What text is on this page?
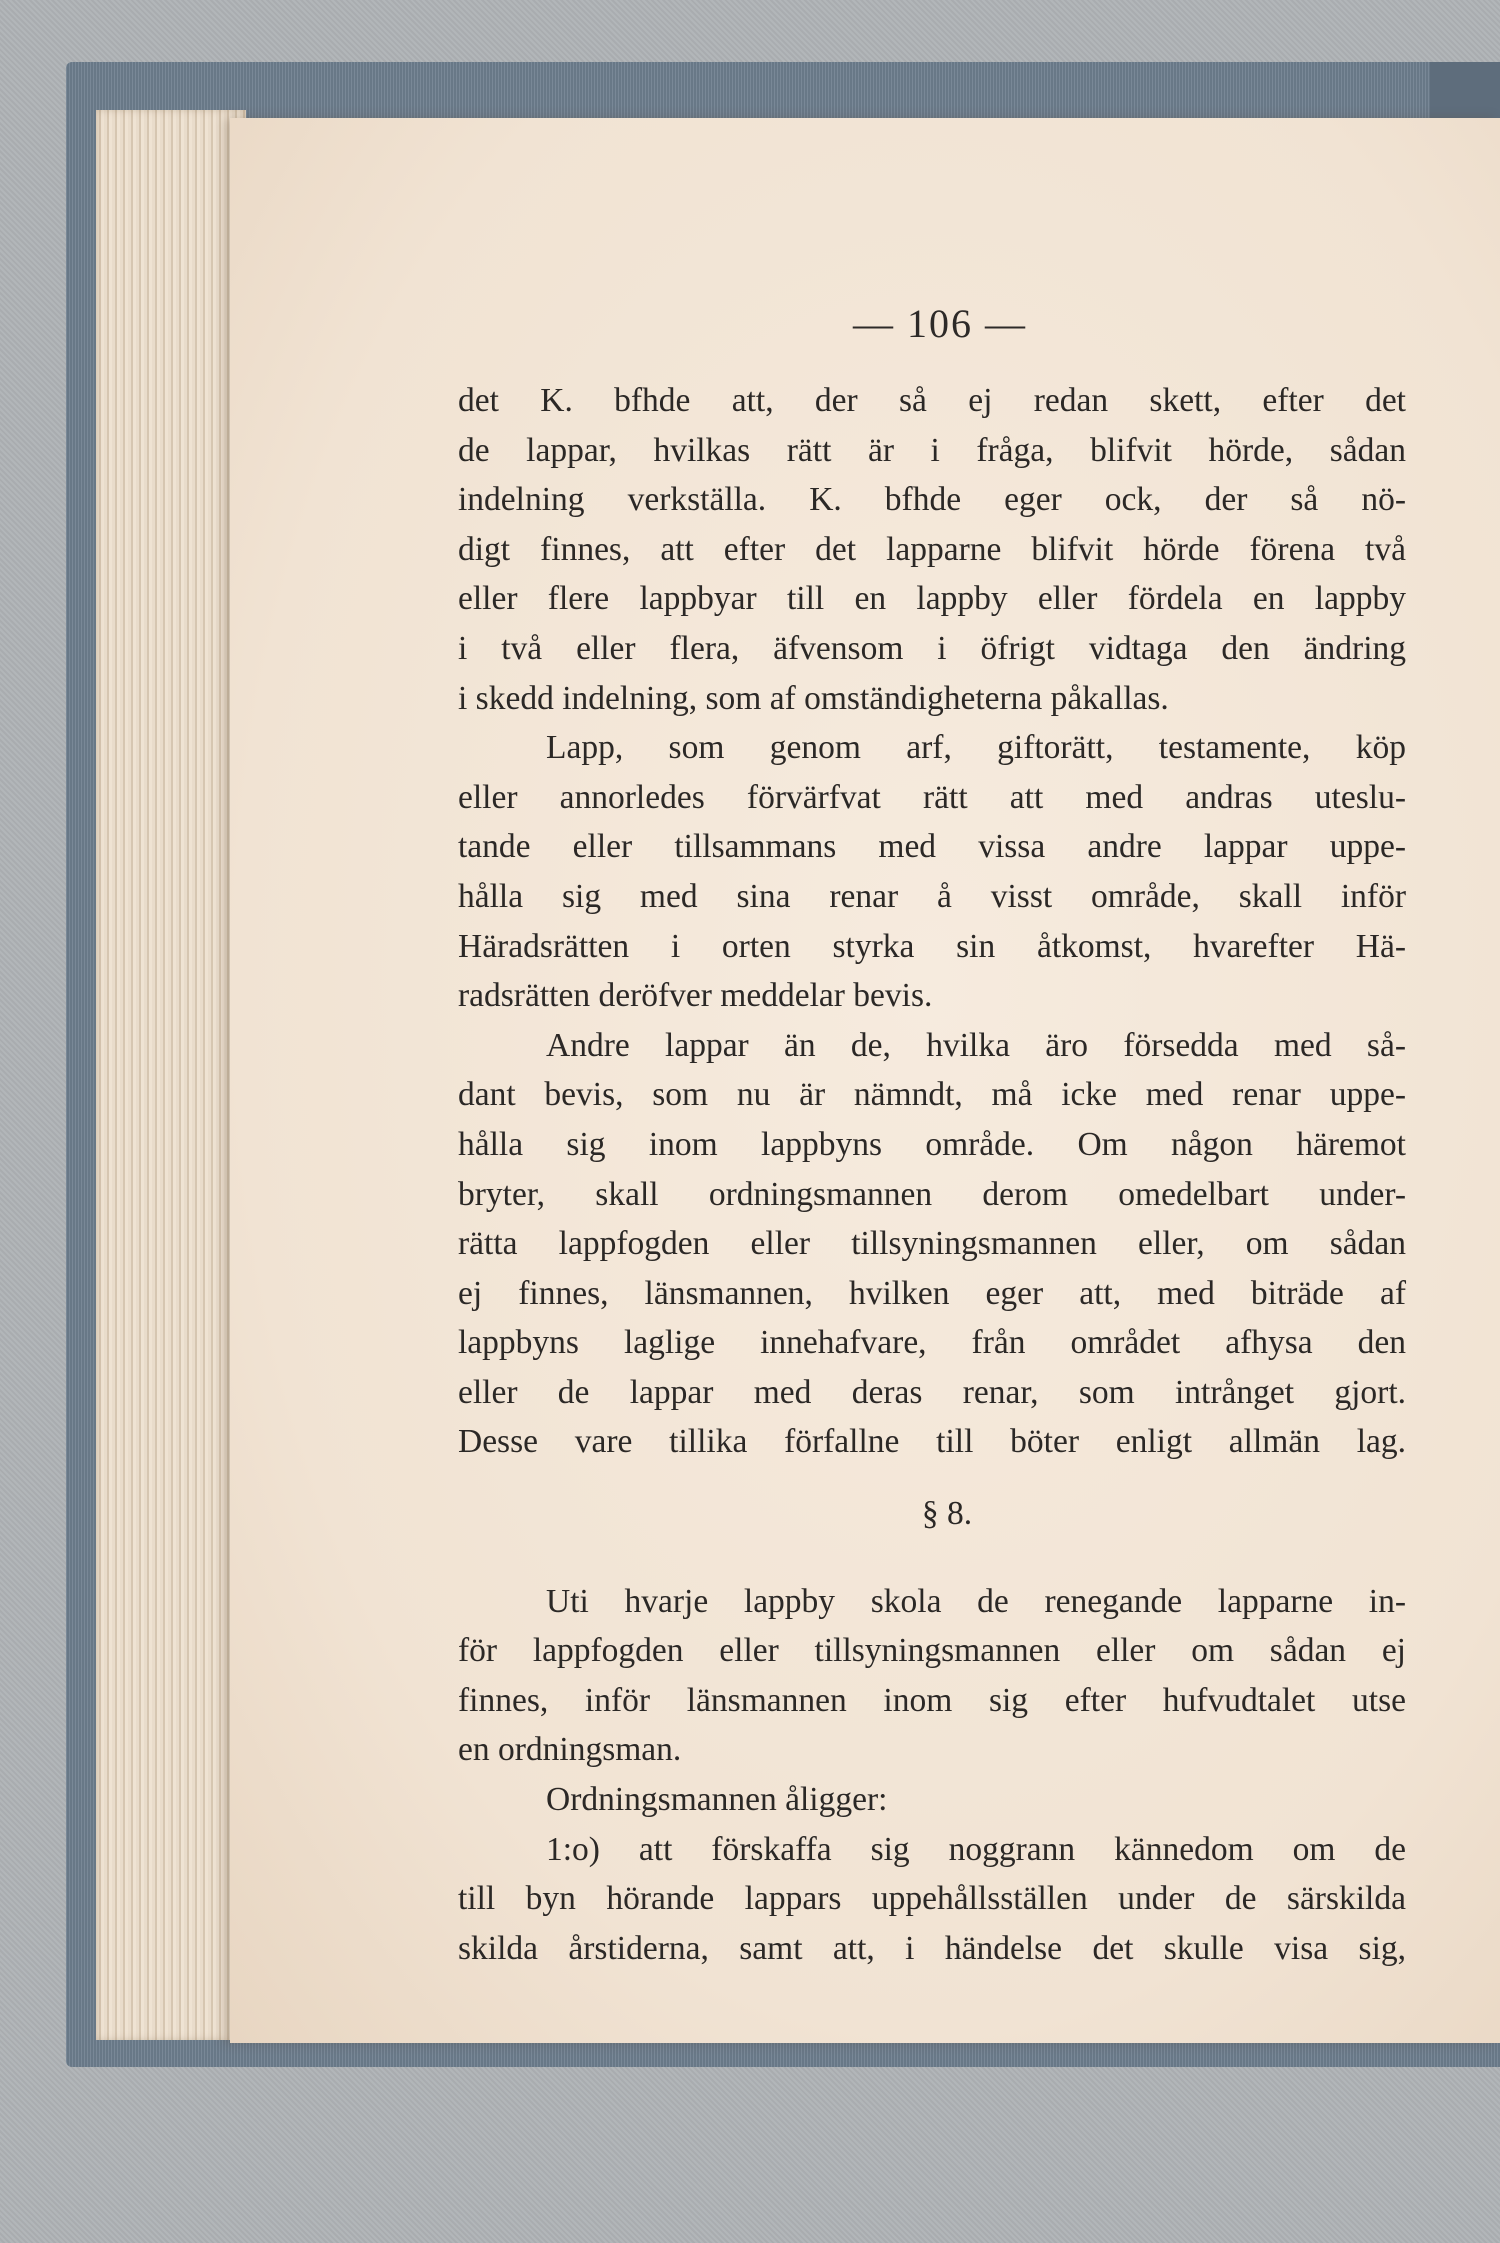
— 106 —
det K. bfhde att, der så ej redan skett, efter det
de lappar, hvilkas rätt är i fråga, blifvit hörde, sådan
indelning verkställa. K. bfhde eger ock, der så nö-
digt finnes, att efter det lapparne blifvit hörde förena två
eller flere lappbyar till en lappby eller fördela en lappby
i två eller flera, äfvensom i öfrigt vidtaga den ändring
i skedd indelning, som af omständigheterna påkallas.
Lapp, som genom arf, giftorätt, testamente, köp
eller annorledes förvärfvat rätt att med andras uteslu-
tande eller tillsammans med vissa andre lappar uppe-
hålla sig med sina renar å visst område, skall inför
Häradsrätten i orten styrka sin åtkomst, hvarefter Hä-
radsrätten deröfver meddelar bevis.
Andre lappar än de, hvilka äro försedda med så-
dant bevis, som nu är nämndt, må icke med renar uppe-
hålla sig inom lappbyns område. Om någon häremot
bryter, skall ordningsmannen derom omedelbart under-
rätta lappfogden eller tillsyningsmannen eller, om sådan
ej finnes, länsmannen, hvilken eger att, med biträde af
lappbyns laglige innehafvare, från området afhysa den
eller de lappar med deras renar, som intrånget gjort.
Desse vare tillika förfallne till böter enligt allmän lag.
§ 8.
Uti hvarje lappby skola de renegande lapparne in-
för lappfogden eller tillsyningsmannen eller om sådan ej
finnes, inför länsmannen inom sig efter hufvudtalet utse
en ordningsman.
Ordningsmannen åligger:
1:o) att förskaffa sig noggrann kännedom om de
till byn hörande lappars uppehållsställen under de särskilda
skilda årstiderna, samt att, i händelse det skulle visa sig,
